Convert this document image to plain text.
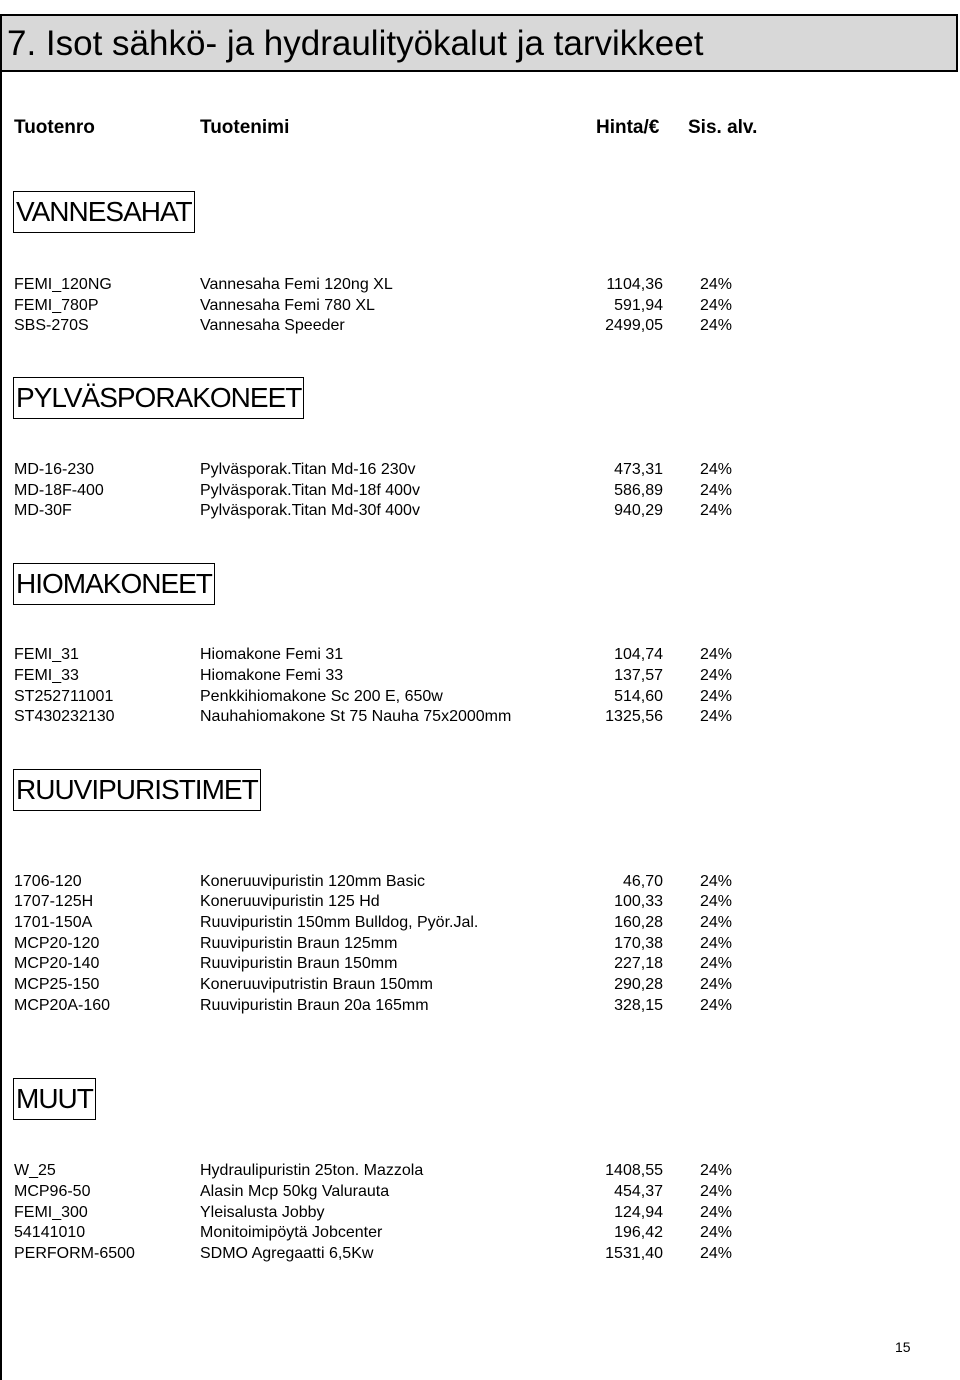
7. Isot sähkö- ja hydraulityökalut ja tarvikkeet
Tuotenro	Tuotenimi	Hinta/€ Sis. alv.
VANNESAHAT
FEMI_120NG	Vannesaha Femi 120ng XL	1104,36 24%
FEMI_780P	Vannesaha Femi 780 XL	591,94 24%
SBS-270S	Vannesaha Speeder	2499,05 24%
PYLVÄSPORAKONEET
MD-16-230	Pylväsporak.Titan Md-16 230v	473,31 24%
MD-18F-400	Pylväsporak.Titan Md-18f 400v	586,89 24%
MD-30F	Pylväsporak.Titan Md-30f 400v	940,29 24%
HIOMAKONEET
FEMI_31	Hiomakone Femi 31	104,74 24%
FEMI_33	Hiomakone Femi 33	137,57 24%
ST252711001	Penkkihiomakone Sc 200 E, 650w	514,60 24%
ST430232130	Nauhahiomakone St 75 Nauha 75x2000mm	1325,56 24%
RUUVIPURISTIMET
1706-120	Koneruuvipuristin 120mm Basic	46,70 24%
1707-125H	Koneruuvipuristin 125 Hd	100,33 24%
1701-150A	Ruuvipuristin 150mm Bulldog, Pyör.Jal.	160,28 24%
MCP20-120	Ruuvipuristin Braun 125mm	170,38 24%
MCP20-140	Ruuvipuristin Braun 150mm	227,18 24%
MCP25-150	Koneruuviputristin Braun 150mm	290,28 24%
MCP20A-160	Ruuvipuristin Braun 20a 165mm	328,15 24%
MUUT
W_25	Hydraulipuristin 25ton. Mazzola	1408,55 24%
MCP96-50	Alasin Mcp 50kg Valurauta	454,37 24%
FEMI_300	Yleisalusta Jobby	124,94 24%
54141010	Monitoimipöytä Jobcenter	196,42 24%
PERFORM-6500	SDMO Agregaatti 6,5Kw	1531,40 24%
15
